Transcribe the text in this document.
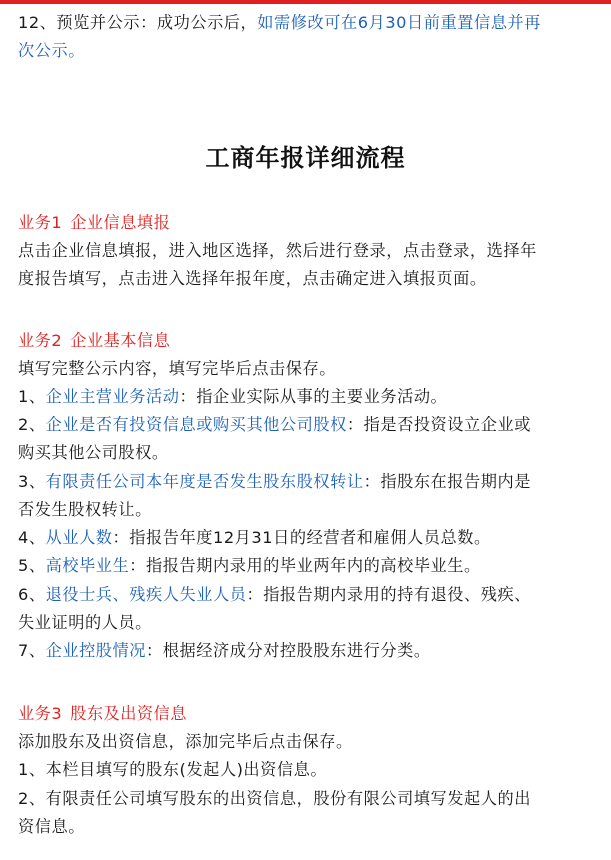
12、预览并公示：成功公示后，如需修改可在6月30日前重置信息并再
次公示。
工商年报详细流程
业务1 企业信息填报
点击企业信息填报，进入地区选择，然后进行登录，点击登录，选择年
度报告填写，点击进入选择年报年度，点击确定进入填报页面。
业务2 企业基本信息
填写完整公示内容，填写完毕后点击保存。
1、企业主营业务活动：指企业实际从事的主要业务活动。
2、企业是否有投资信息或购买其他公司股权：指是否投资设立企业或
购买其他公司股权。
3、有限责任公司本年度是否发生股东股权转让：指股东在报告期内是
否发生股权转让。
4、从业人数：指报告年度12月31日的经营者和雇佣人员总数。
5、高校毕业生：指报告期内录用的毕业两年内的高校毕业生。
6、退役士兵、残疾人失业人员：指报告期内录用的持有退役、残疾、
失业证明的人员。
7、企业控股情况：根据经济成分对控股股东进行分类。
业务3 股东及出资信息
添加股东及出资信息，添加完毕后点击保存。
1、本栏目填写的股东(发起人)出资信息。
2、有限责任公司填写股东的出资信息，股份有限公司填写发起人的出
资信息。
